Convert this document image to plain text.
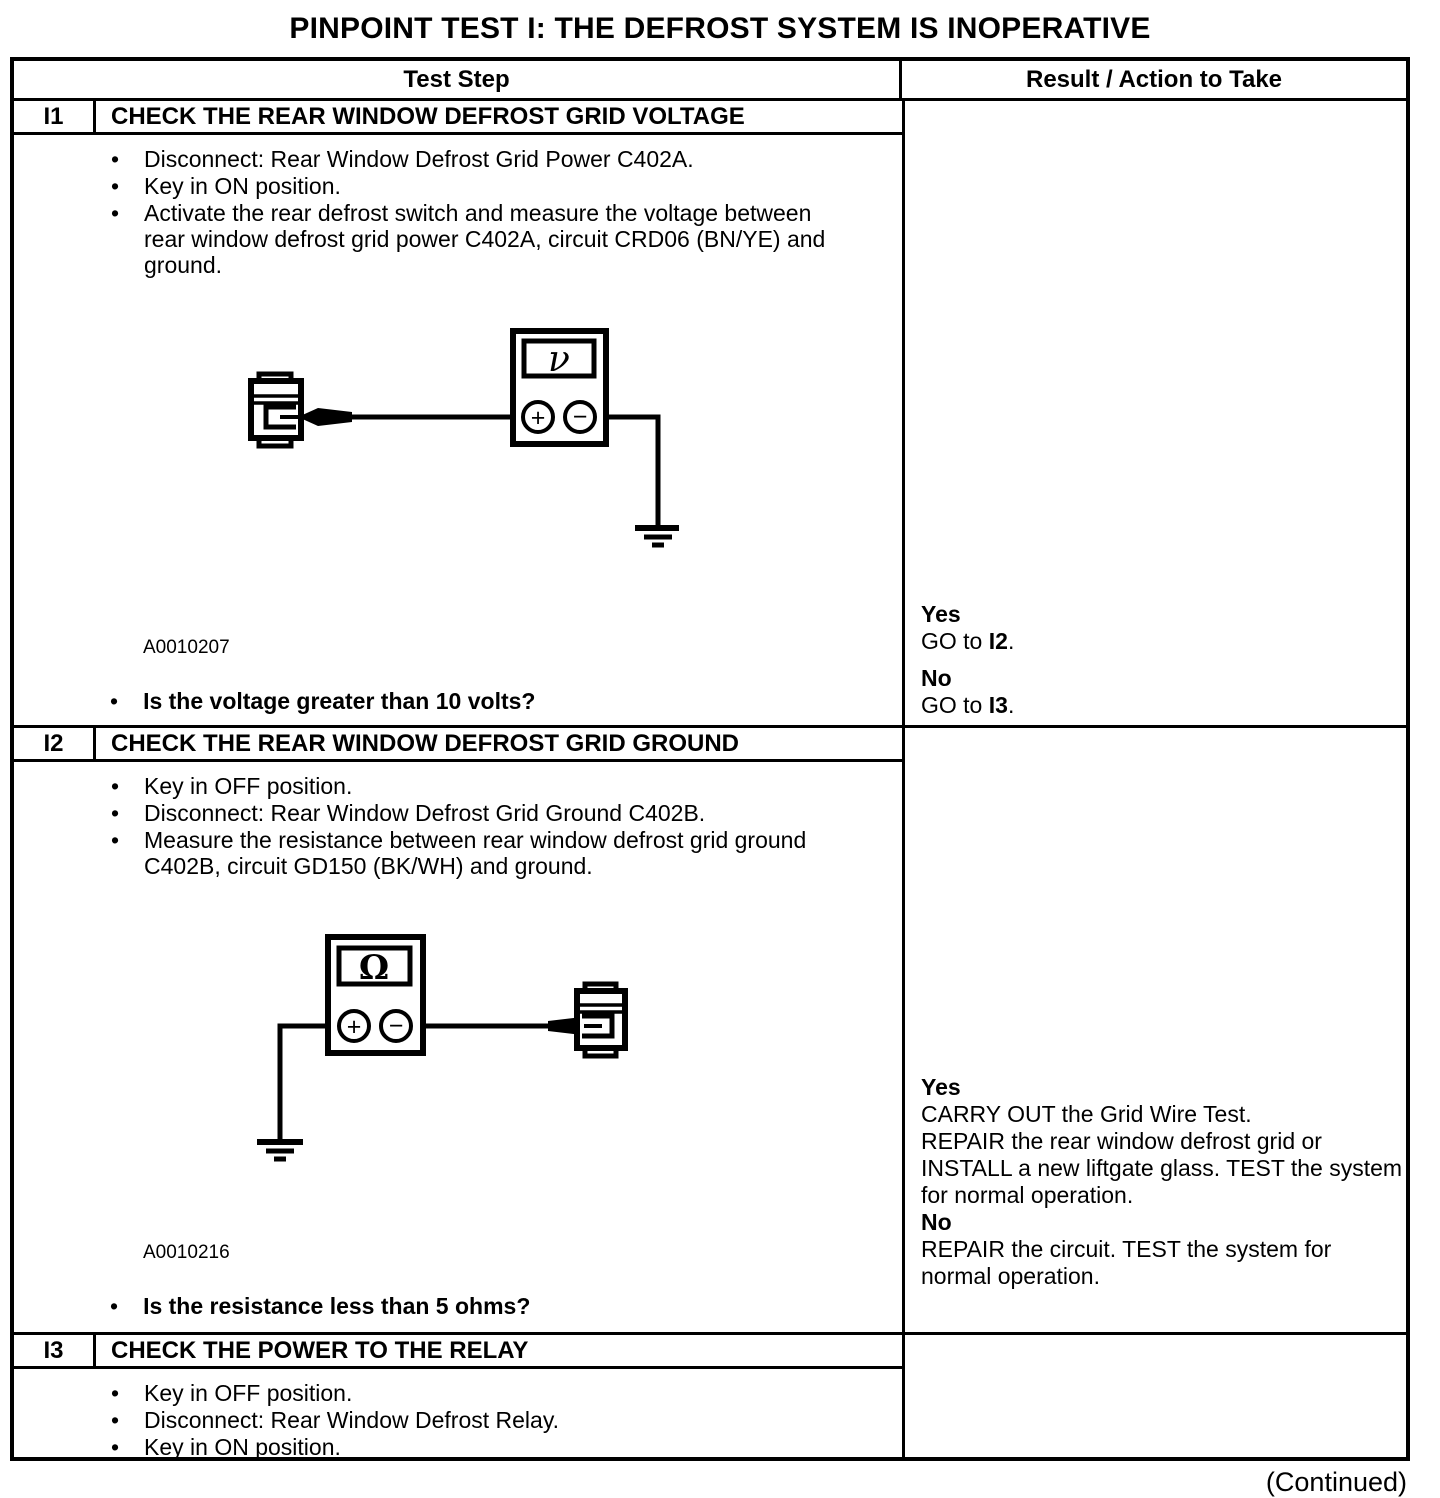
PINPOINT TEST I: THE DEFROST SYSTEM IS INOPERATIVE
Test Step	Result / Action to Take
I1	CHECK THE REAR WINDOW DEFROST GRID VOLTAGE
• Disconnect: Rear Window Defrost Grid Power C402A.
• Key in ON position.
• Activate the rear defrost switch and measure the voltage between rear window defrost grid power C402A, circuit CRD06 (BN/YE) and ground.
ν
+ −
A0010207
• Is the voltage greater than 10 volts?
Yes
GO to I2.
No
GO to I3.
I2	CHECK THE REAR WINDOW DEFROST GRID GROUND
• Key in OFF position.
• Disconnect: Rear Window Defrost Grid Ground C402B.
• Measure the resistance between rear window defrost grid ground C402B, circuit GD150 (BK/WH) and ground.
Ω
+ −
A0010216
• Is the resistance less than 5 ohms?
Yes
CARRY OUT the Grid Wire Test.
REPAIR the rear window defrost grid or INSTALL a new liftgate glass. TEST the system for normal operation.
No
REPAIR the circuit. TEST the system for normal operation.
I3	CHECK THE POWER TO THE RELAY
• Key in OFF position.
• Disconnect: Rear Window Defrost Relay.
• Key in ON position.
(Continued)
